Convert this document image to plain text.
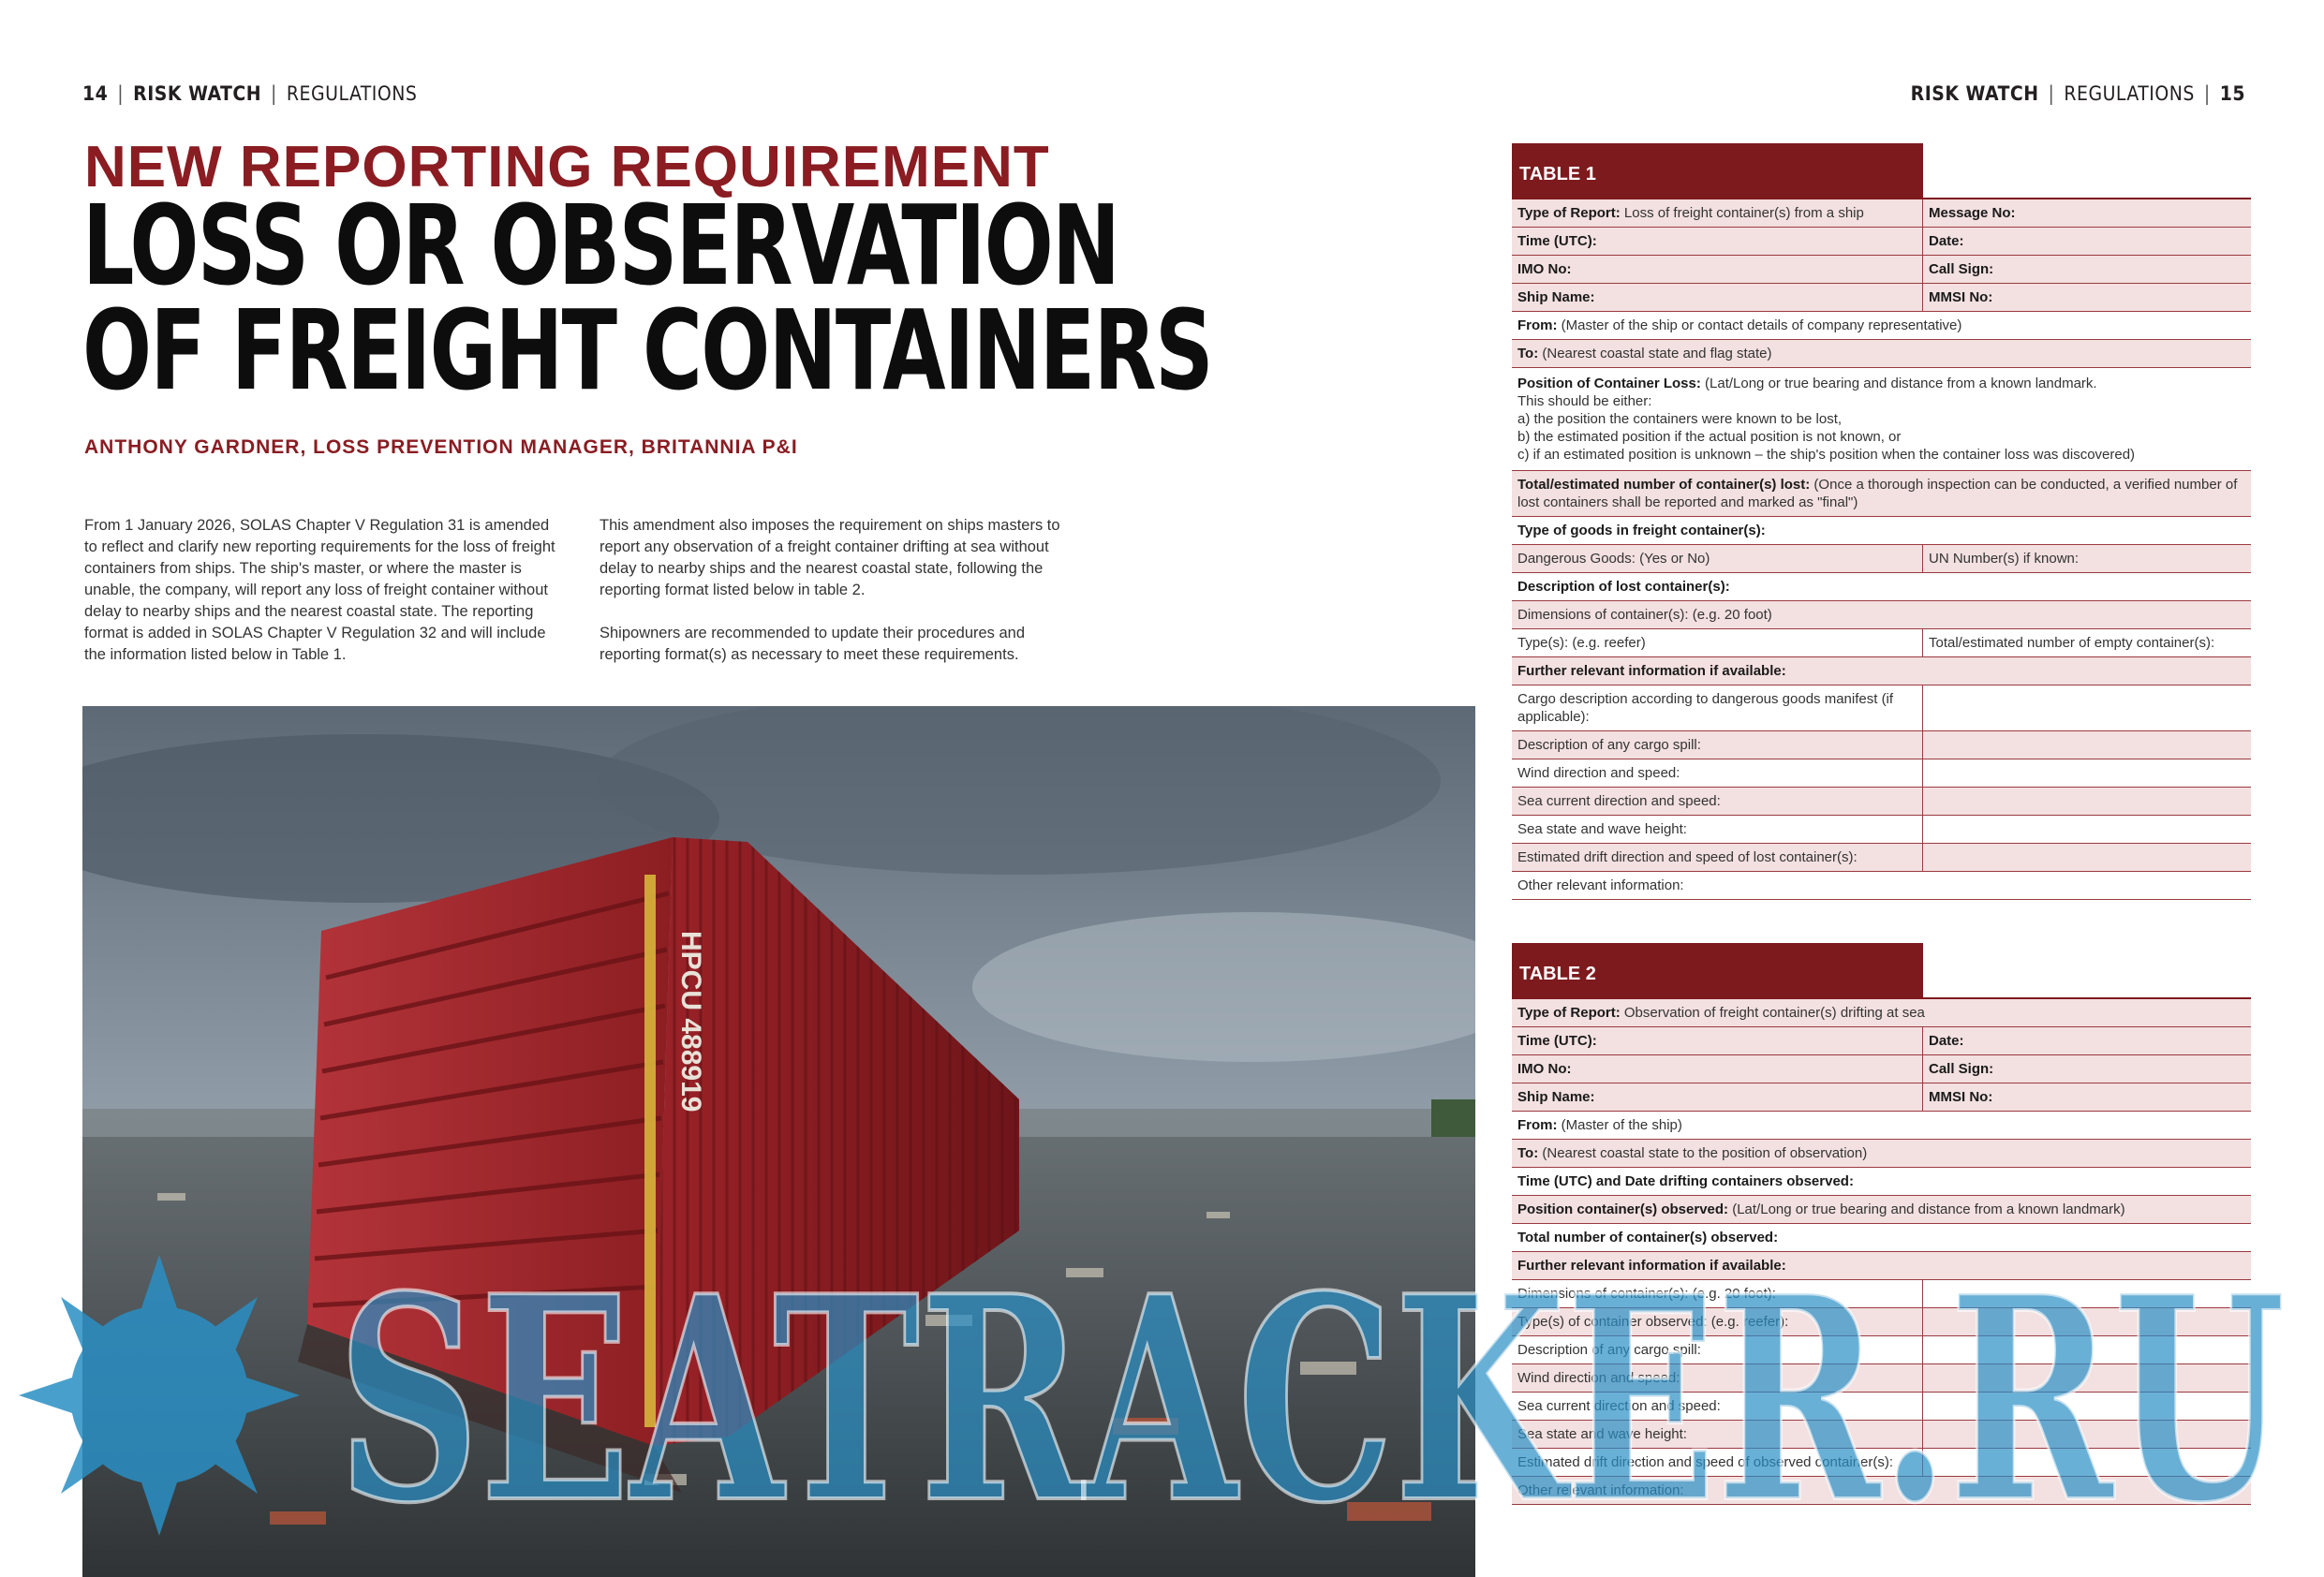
14 | RISK WATCH | REGULATIONS	RISK WATCH | REGULATIONS | 15
NEW REPORTING REQUIREMENT
LOSS OR OBSERVATION
OF FREIGHT CONTAINERS
ANTHONY GARDNER, LOSS PREVENTION MANAGER, BRITANNIA P&I

From 1 January 2026, SOLAS Chapter V Regulation 31 is amended to reflect and clarify new reporting requirements for the loss of freight containers from ships. The ship's master, or where the master is unable, the company, will report any loss of freight container without delay to nearby ships and the nearest coastal state. The reporting format is added in SOLAS Chapter V Regulation 32 and will include the information listed below in Table 1.

This amendment also imposes the requirement on ships masters to report any observation of a freight container drifting at sea without delay to nearby ships and the nearest coastal state, following the reporting format listed below in table 2.

Shipowners are recommended to update their procedures and reporting format(s) as necessary to meet these requirements.

HPCU 488919
TABLE 1
Type of Report: Loss of freight container(s) from a ship	Message No:
Time (UTC):	Date:
IMO No:	Call Sign:
Ship Name:	MMSI No:
From: (Master of the ship or contact details of company representative)
To: (Nearest coastal state and flag state)
Position of Container Loss: (Lat/Long or true bearing and distance from a known landmark.
This should be either:
a) the position the containers were known to be lost,
b) the estimated position if the actual position is not known, or
c) if an estimated position is unknown – the ship's position when the container loss was discovered)
Total/estimated number of container(s) lost: (Once a thorough inspection can be conducted, a verified number of lost containers shall be reported and marked as "final")
Type of goods in freight container(s):
Dangerous Goods: (Yes or No)	UN Number(s) if known:
Description of lost container(s):
Dimensions of container(s): (e.g. 20 foot)
Type(s): (e.g. reefer)	Total/estimated number of empty container(s):
Further relevant information if available:
Cargo description according to dangerous goods manifest (if applicable):
Description of any cargo spill:
Wind direction and speed:
Sea current direction and speed:
Sea state and wave height:
Estimated drift direction and speed of lost container(s):
Other relevant information:
TABLE 2
Type of Report: Observation of freight container(s) drifting at sea
Time (UTC):	Date:
IMO No:	Call Sign:
Ship Name:	MMSI No:
From: (Master of the ship)
To: (Nearest coastal state to the position of observation)
Time (UTC) and Date drifting containers observed:
Position container(s) observed: (Lat/Long or true bearing and distance from a known landmark)
Total number of container(s) observed:
Further relevant information if available:
Dimensions of container(s): (e.g. 20 foot):
Type(s) of container observed: (e.g. reefer):
Description of any cargo spill:
Wind direction and speed:
Sea current direction and speed:
Sea state and wave height:
Estimated drift direction and speed of observed container(s):
Other relevant information:
SEATRACKER.RU
